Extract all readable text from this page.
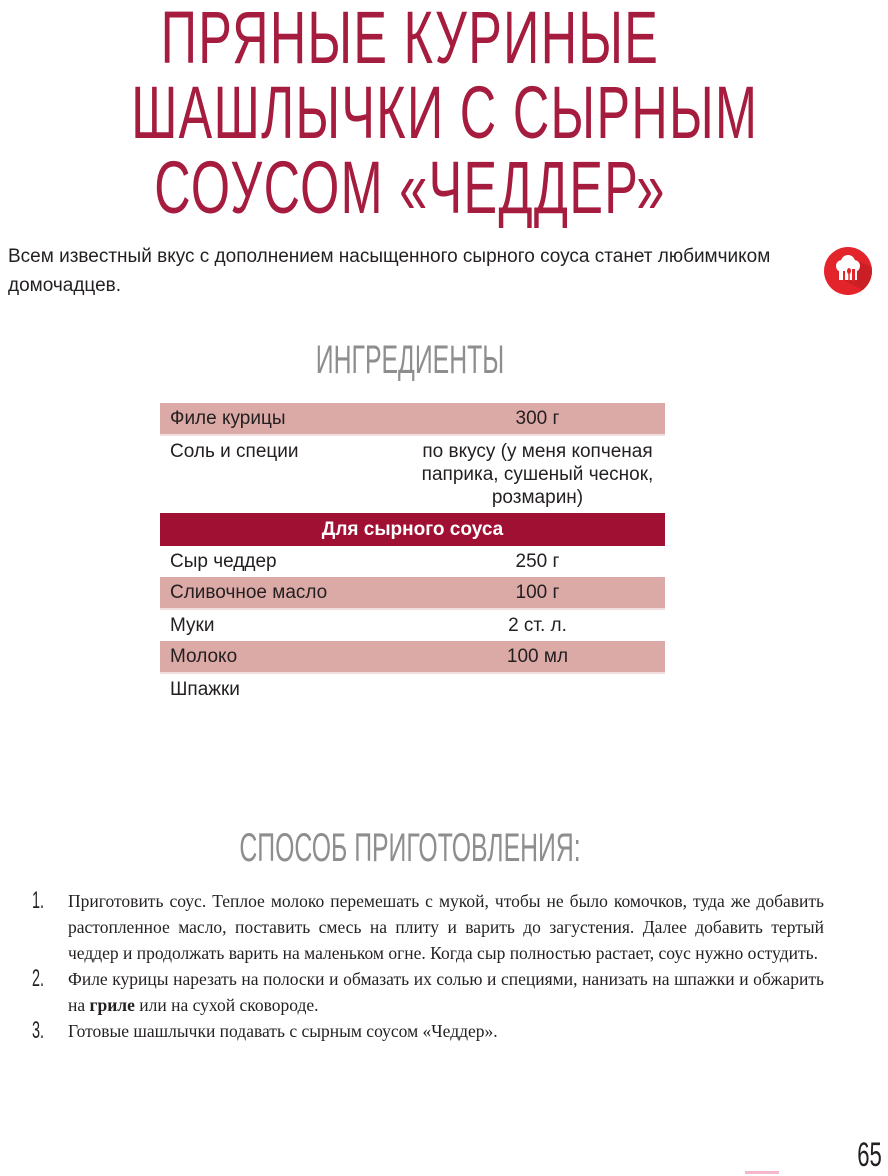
ПРЯНЫЕ КУРИНЫЕ
ШАШЛЫЧКИ С СЫРНЫМ
СОУСОМ «ЧЕДДЕР»
Всем известный вкус с дополнением насыщенного сырного соуса станет любимчиком домочадцев.
ИНГРЕДИЕНТЫ
Филе курицы	300 г
Соль и специи	по вкусу (у меня копченая паприка, сушеный чеснок, розмарин)
Для сырного соуса	
Сыр чеддер	250 г
Сливочное масло	100 г
Муки	2 ст. л.
Молоко	100 мл
Шпажки	
СПОСОБ ПРИГОТОВЛЕНИЯ:
1. Приготовить соус. Теплое молоко перемешать с мукой, чтобы не было комочков, туда же добавить растопленное масло, поставить смесь на плиту и варить до загустения. Далее добавить тертый чеддер и продолжать варить на маленьком огне. Когда сыр полностью растает, соус нужно остудить.
2. Филе курицы нарезать на полоски и обмазать их солью и специями, нанизать на шпажки и обжарить на гриле или на сухой сковороде.
3. Готовые шашлычки подавать с сырным соусом «Чеддер».
65
